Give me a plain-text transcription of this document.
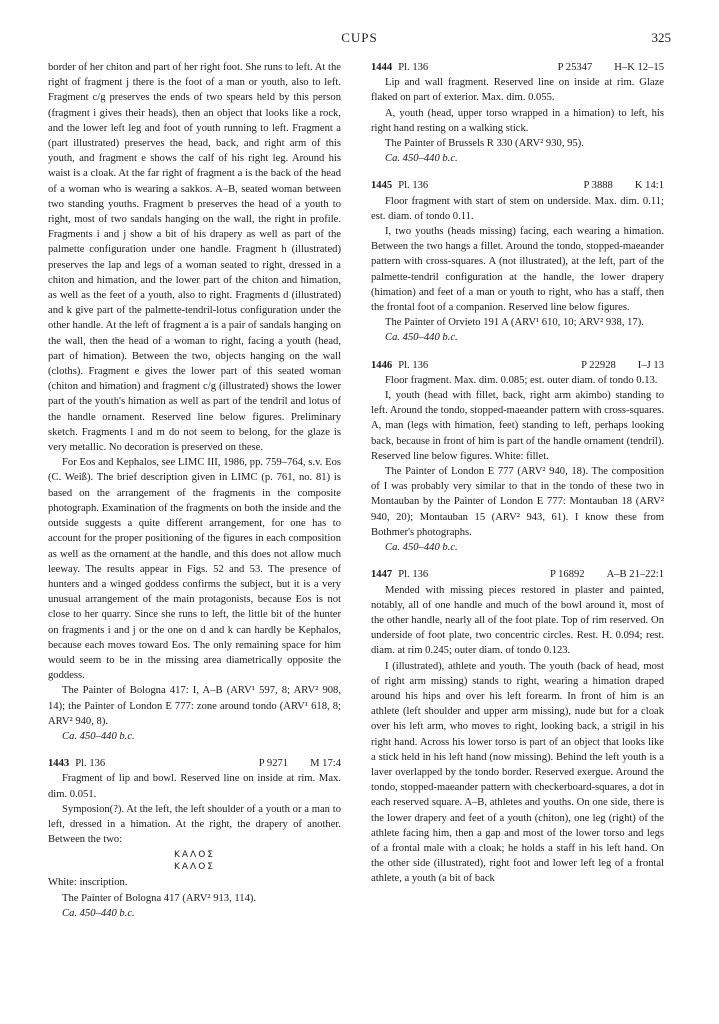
CUPS	325

border of her chiton and part of her right foot. She runs to left. At the right of fragment j there is the foot of a man or youth, also to left. Fragment c/g preserves the ends of two spears held by this person (fragment i gives their heads), then an object that looks like a rock, and the lower left leg and foot of youth running to left. Fragment a (part illustrated) preserves the head, back, and right arm of this youth, and fragment e shows the calf of his right leg. Around his waist is a cloak. At the far right of fragment a is the back of the head of a woman who is wearing a sakkos. A–B, seated woman between two standing youths. Fragment b preserves the head of a youth to right, most of two sandals hanging on the wall, the right in profile. Fragments i and j show a bit of his drapery as well as part of the palmette configuration under one handle. Fragment h (illustrated) preserves the lap and legs of a woman seated to right, dressed in a chiton and himation, and the lower part of the chiton and himation, as well as the feet of a youth, also to right. Fragments d (illustrated) and k give part of the palmette-tendril-lotus configuration under the other handle. At the left of fragment a is a pair of sandals hanging on the wall, then the head of a woman to right, facing a youth (head, part of himation). Between the two, objects hanging on the wall (cloths). Fragment e gives the lower part of this seated woman (chiton and himation) and fragment c/g (illustrated) shows the lower part of the youth's himation as well as part of the tendril and lotus of the handle ornament. Reserved line below figures. Preliminary sketch. Fragments l and m do not seem to belong, for the glaze is very metallic. No decoration is preserved on these.

For Eos and Kephalos, see LIMC III, 1986, pp. 759–764, s.v. Eos (C. Weiß). The brief description given in LIMC (p. 761, no. 81) is based on the arrangement of the fragments in the composite photograph. Examination of the fragments on both the inside and the outside suggests a quite different arrangement, for one has to account for the proper positioning of the figures in each composition as well as the ornament at the handle, and this does not allow much leeway. The results appear in Figs. 52 and 53. The presence of hunters and a winged goddess confirms the subject, but it is a very unusual arrangement of the main protagonists, because Eos is not close to her quarry. Since she runs to left, the little bit of the hunter on fragments i and j or the one on d and k can hardly be Kephalos, because each moves toward Eos. The only remaining space for him would seem to be in the missing area diametrically opposite the goddess.

The Painter of Bologna 417: I, A–B (ARV¹ 597, 8; ARV² 908, 14); the Painter of London E 777: zone around tondo (ARV¹ 618, 8; ARV² 940, 8).

Ca. 450–440 b.c.

1443 Pl. 136	P 9271 M 17:4

Fragment of lip and bowl. Reserved line on inside at rim. Max. dim. 0.051.

Symposion(?). At the left, the left shoulder of a youth or a man to left, dressed in a himation. At the right, the drapery of another. Between the two:

ΚΑΛΟΣ
ΚΑΛΟΣ

White: inscription.

The Painter of Bologna 417 (ARV² 913, 114).

Ca. 450–440 b.c.

1444 Pl. 136	P 25347 H–K 12–15

Lip and wall fragment. Reserved line on inside at rim. Glaze flaked on part of exterior. Max. dim. 0.055.

A, youth (head, upper torso wrapped in a himation) to left, his right hand resting on a walking stick.

The Painter of Brussels R 330 (ARV² 930, 95).

Ca. 450–440 b.c.

1445 Pl. 136	P 3888 K 14:1

Floor fragment with start of stem on underside. Max. dim. 0.11; est. diam. of tondo 0.11.

I, two youths (heads missing) facing, each wearing a himation. Between the two hangs a fillet. Around the tondo, stopped-maeander pattern with cross-squares. A (not illustrated), at the left, part of the palmette-tendril configuration at the handle, the lower drapery (himation) and feet of a man or youth to right, who has a staff, then the frontal foot of a companion. Reserved line below figures.

The Painter of Orvieto 191 A (ARV¹ 610, 10; ARV² 938, 17).

Ca. 450–440 b.c.

1446 Pl. 136	P 22928 I–J 13

Floor fragment. Max. dim. 0.085; est. outer diam. of tondo 0.13.

I, youth (head with fillet, back, right arm akimbo) standing to left. Around the tondo, stopped-maeander pattern with cross-squares. A, man (legs with himation, feet) standing to left, perhaps looking back, because in front of him is part of the handle ornament (tendril). Reserved line below figures. White: fillet.

The Painter of London E 777 (ARV² 940, 18). The composition of I was probably very similar to that in the tondo of these two in Montauban by the Painter of London E 777: Montauban 18 (ARV² 940, 20); Montauban 15 (ARV² 943, 61). I know these from Bothmer's photographs.

Ca. 450–440 b.c.

1447 Pl. 136	P 16892 A–B 21–22:1

Mended with missing pieces restored in plaster and painted, notably, all of one handle and much of the bowl around it, most of the other handle, nearly all of the foot plate. Top of rim reserved. On underside of foot plate, two concentric circles. Rest. H. 0.094; rest. diam. at rim 0.245; outer diam. of tondo 0.123.

I (illustrated), athlete and youth. The youth (back of head, most of right arm missing) stands to right, wearing a himation draped around his hips and over his left forearm. In front of him is an athlete (left shoulder and upper arm missing), nude but for a cloak over his left arm, who moves to right, looking back, a strigil in his right hand. Across his lower torso is part of an object that looks like a stick held in his left hand (now missing). Behind the left youth is a laver overlapped by the tondo border. Reserved exergue. Around the tondo, stopped-maeander pattern with checkerboard-squares, a dot in each reserved square. A–B, athletes and youths. On one side, there is the lower drapery and feet of a youth (chiton), one leg (right) of the athlete facing him, then a gap and most of the lower torso and legs of a frontal male with a cloak; he holds a staff in his left hand. On the other side (illustrated), right foot and lower left leg of a frontal athlete, a youth (a bit of back
